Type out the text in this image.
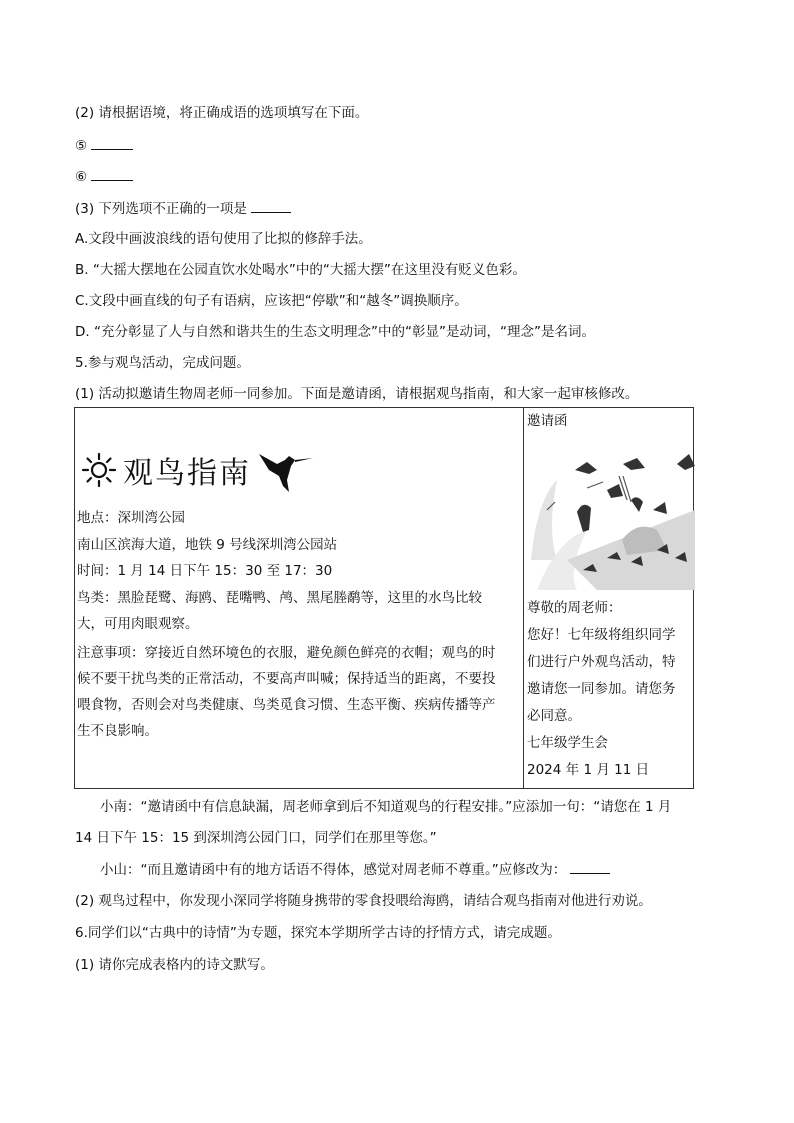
(2) 请根据语境，将正确成语的选项填写在下面。
⑤
⑥
(3) 下列选项不正确的一项是
A.文段中画波浪线的语句使用了比拟的修辞手法。
B. “大摇大摆地在公园直饮水处喝水”中的“大摇大摆”在这里没有贬义色彩。
C.文段中画直线的句子有语病，应该把“停歇”和“越冬”调换顺序。
D. “充分彰显了人与自然和谐共生的生态文明理念”中的“彰显”是动词，“理念”是名词。
5.参与观鸟活动，完成问题。
(1) 活动拟邀请生物周老师一同参加。下面是邀请函，请根据观鸟指南，和大家一起审核修改。
观鸟指南
地点：深圳湾公园
南山区滨海大道，地铁 9 号线深圳湾公园站
时间：1 月 14 日下午 15：30 至 17：30
鸟类：黑脸琵鹭、海鸥、琵嘴鸭、鸬、黑尾塍鹬等，这里的水鸟比较
大，可用肉眼观察。
注意事项：穿接近自然环境色的衣服，避免颜色鲜亮的衣帽；观鸟的时
候不要干扰鸟类的正常活动，不要高声叫喊；保持适当的距离，不要投
喂食物，否则会对鸟类健康、鸟类觅食习惯、生态平衡、疾病传播等产
生不良影响。
邀请函
尊敬的周老师：
您好！七年级将组织同学
们进行户外观鸟活动，特
邀请您一同参加。请您务
必同意。
七年级学生会
2024 年 1 月 11 日
小南：“邀请函中有信息缺漏，周老师拿到后不知道观鸟的行程安排。”应添加一句：“请您在 1 月
14 日下午 15：15 到深圳湾公园门口，同学们在那里等您。”
小山：“而且邀请函中有的地方话语不得体，感觉对周老师不尊重。”应修改为：
(2) 观鸟过程中，你发现小深同学将随身携带的零食投喂给海鸥，请结合观鸟指南对他进行劝说。
6.同学们以“古典中的诗情”为专题，探究本学期所学古诗的抒情方式，请完成题。
(1) 请你完成表格内的诗文默写。
